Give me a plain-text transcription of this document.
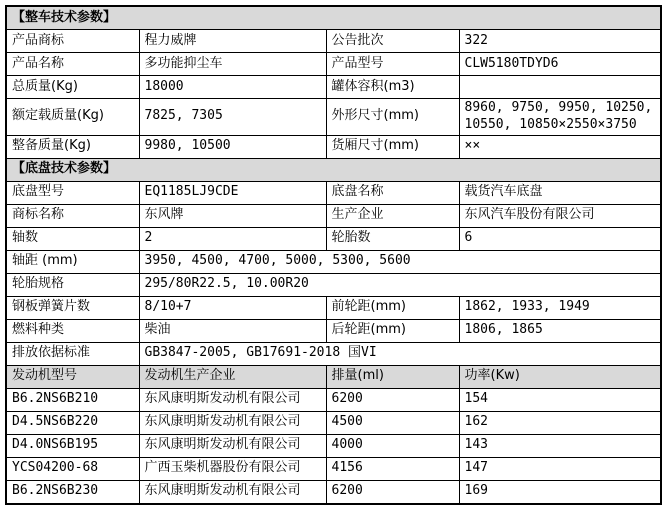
【整车技术参数】			
产品商标	程力威牌	公告批次	322
产品名称	多功能抑尘车	产品型号	CLW5180TDYD6
总质量(Kg)	18000	罐体容积(m3)	
额定载质量(Kg)	7825, 7305	外形尺寸(mm)	8960, 9750, 9950, 10250, 10550, 10850×2550×3750
整备质量(Kg)	9980, 10500	货厢尺寸(mm)	××
【底盘技术参数】			
底盘型号	EQ1185LJ9CDE	底盘名称	载货汽车底盘
商标名称	东风牌	生产企业	东风汽车股份有限公司
轴数	2	轮胎数	6
轴距 (mm)	3950, 4500, 4700, 5000, 5300, 5600		
轮胎规格	295/80R22.5, 10.00R20		
钢板弹簧片数	8/10+7	前轮距(mm)	1862, 1933, 1949
燃料种类	柴油	后轮距(mm)	1806, 1865
排放依据标准	GB3847-2005, GB17691-2018 国VI		
发动机型号	发动机生产企业	排量(ml)	功率(Kw)
B6.2NS6B210	东风康明斯发动机有限公司	6200	154
D4.5NS6B220	东风康明斯发动机有限公司	4500	162
D4.0NS6B195	东风康明斯发动机有限公司	4000	143
YCS04200-68	广西玉柴机器股份有限公司	4156	147
B6.2NS6B230	东风康明斯发动机有限公司	6200	169
